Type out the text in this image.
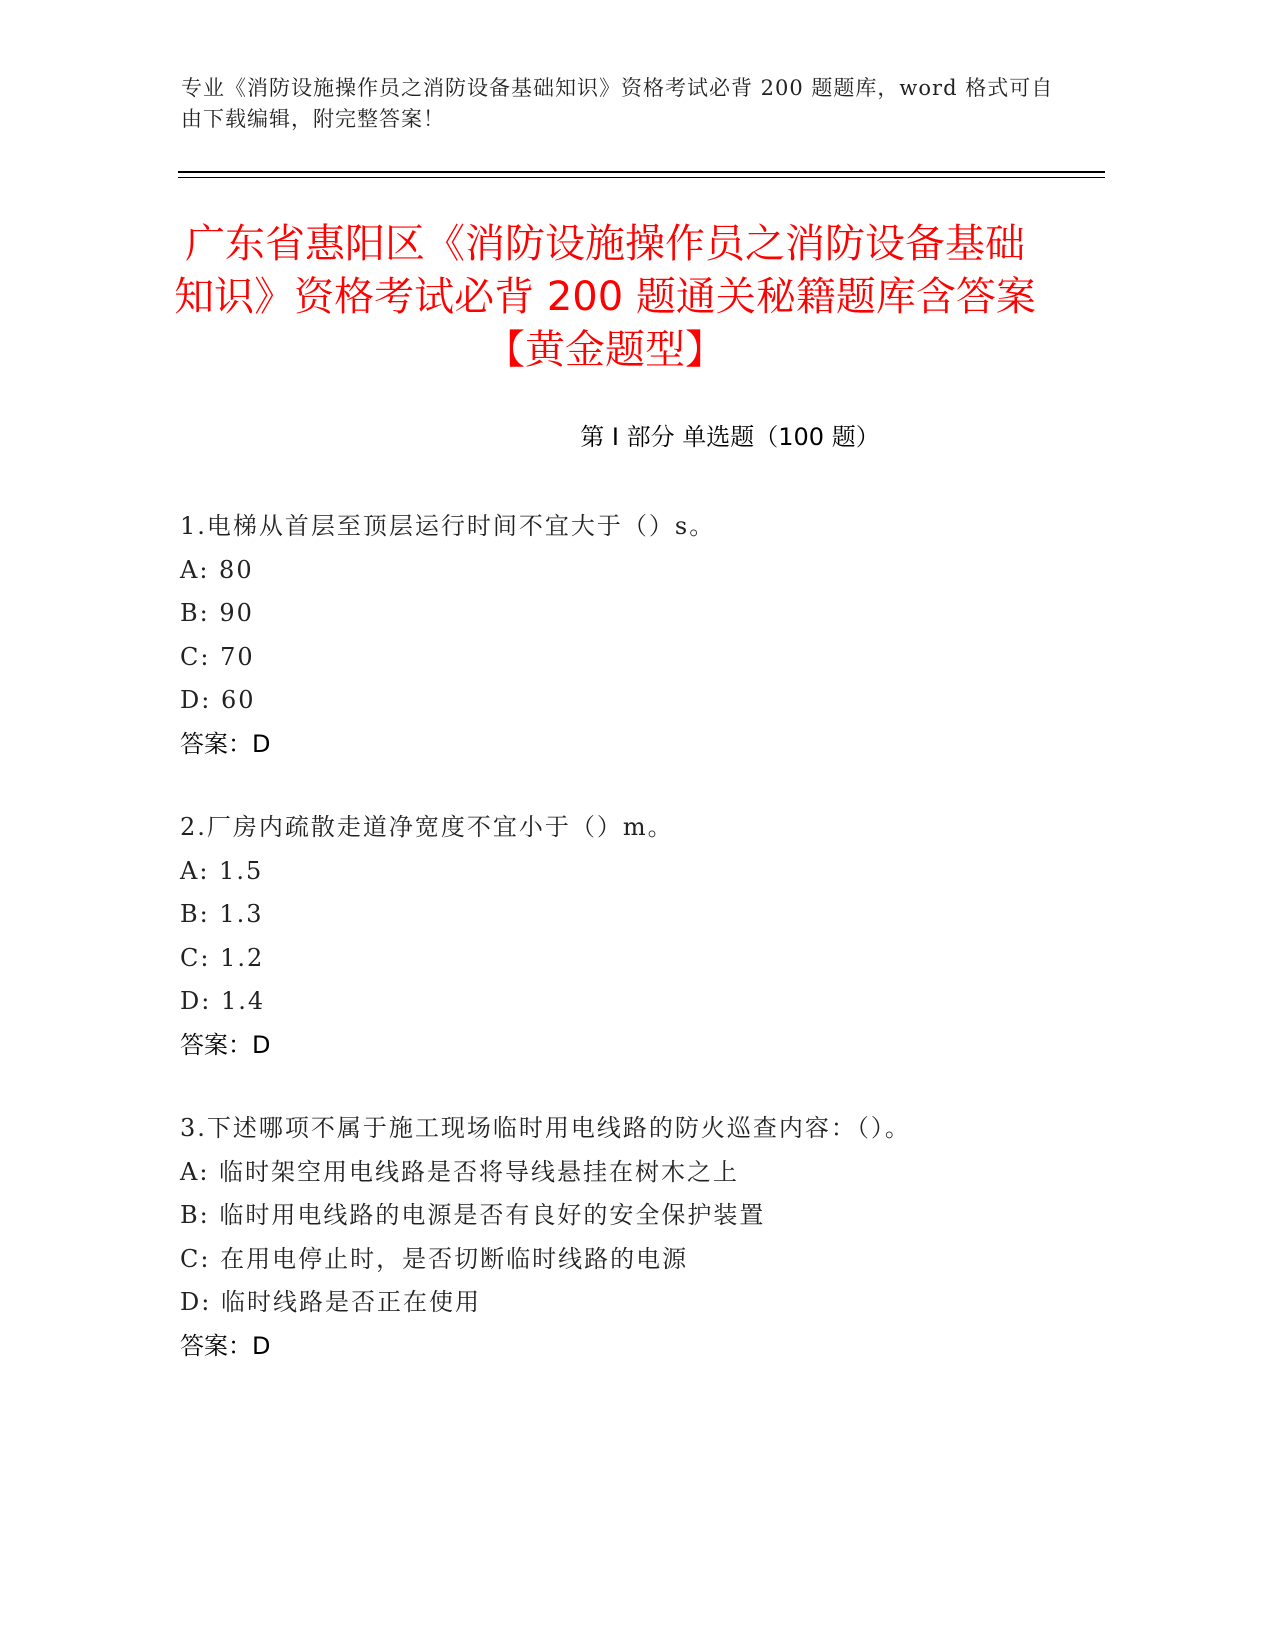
专业《消防设施操作员之消防设备基础知识》资格考试必背 200 题题库，word 格式可自由下载编辑，附完整答案！
广东省惠阳区《消防设施操作员之消防设备基础知识》资格考试必背 200 题通关秘籍题库含答案【黄金题型】
第 I 部分 单选题（100 题）
1.电梯从首层至顶层运行时间不宜大于（）s。
A: 80
B: 90
C: 70
D: 60
答案：D
2.厂房内疏散走道净宽度不宜小于（）m。
A: 1.5
B: 1.3
C: 1.2
D: 1.4
答案：D
3.下述哪项不属于施工现场临时用电线路的防火巡查内容：（）。
A: 临时架空用电线路是否将导线悬挂在树木之上
B: 临时用电线路的电源是否有良好的安全保护装置
C: 在用电停止时，是否切断临时线路的电源
D: 临时线路是否正在使用
答案：D
